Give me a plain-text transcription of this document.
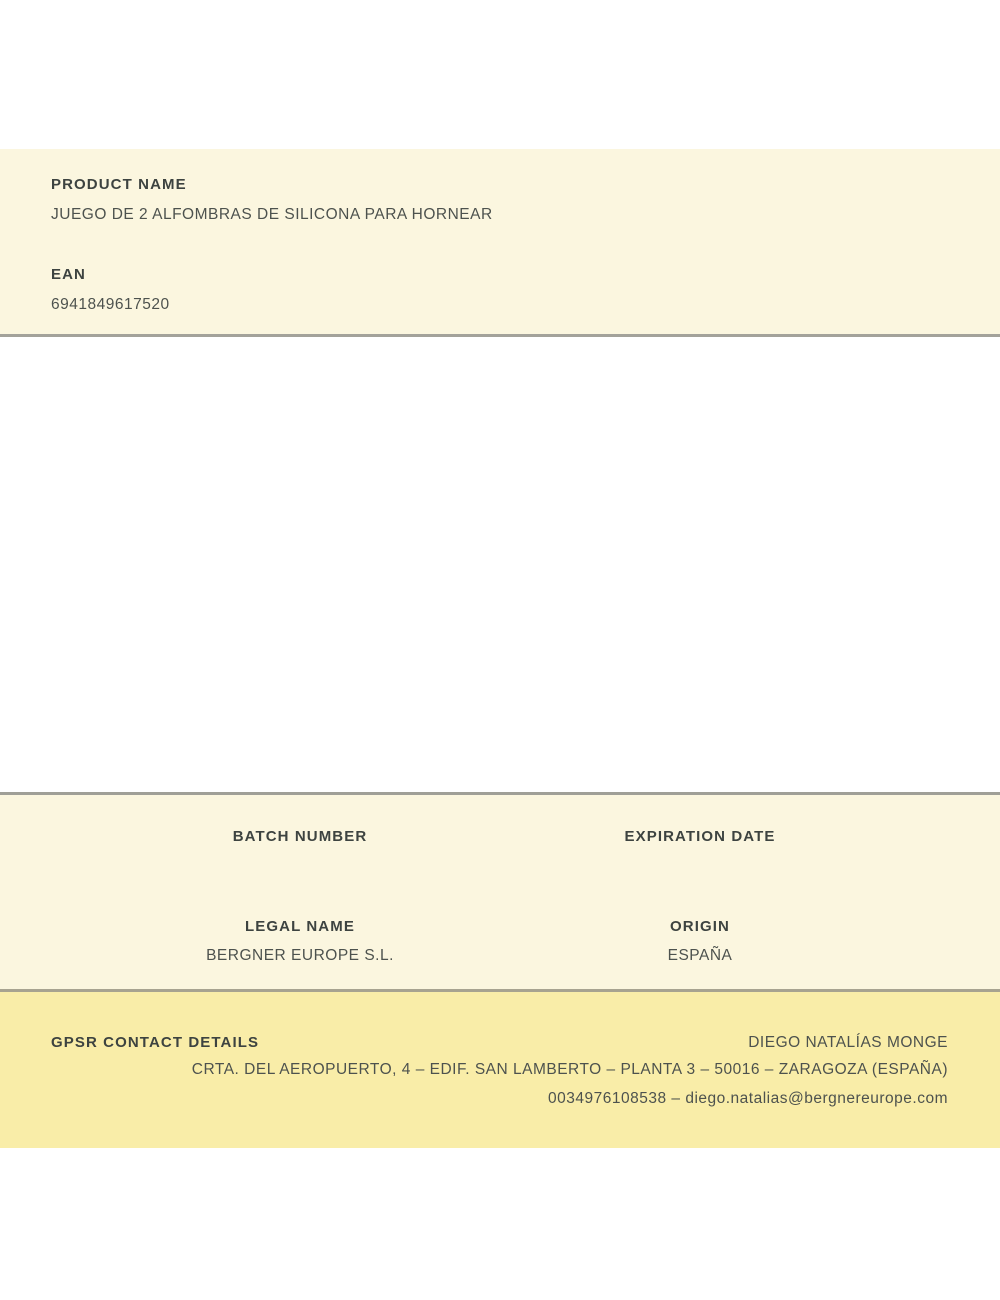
PRODUCT NAME
JUEGO DE 2 ALFOMBRAS DE SILICONA PARA HORNEAR
EAN
6941849617520
BATCH NUMBER	EXPIRATION DATE
LEGAL NAME	ORIGIN
BERGNER EUROPE S.L.	ESPAÑA
GPSR CONTACT DETAILS	DIEGO NATALÍAS MONGE
CRTA. DEL AEROPUERTO, 4 – EDIF. SAN LAMBERTO – PLANTA 3 – 50016 – ZARAGOZA (ESPAÑA)
0034976108538 – diego.natalias@bergnereurope.com
